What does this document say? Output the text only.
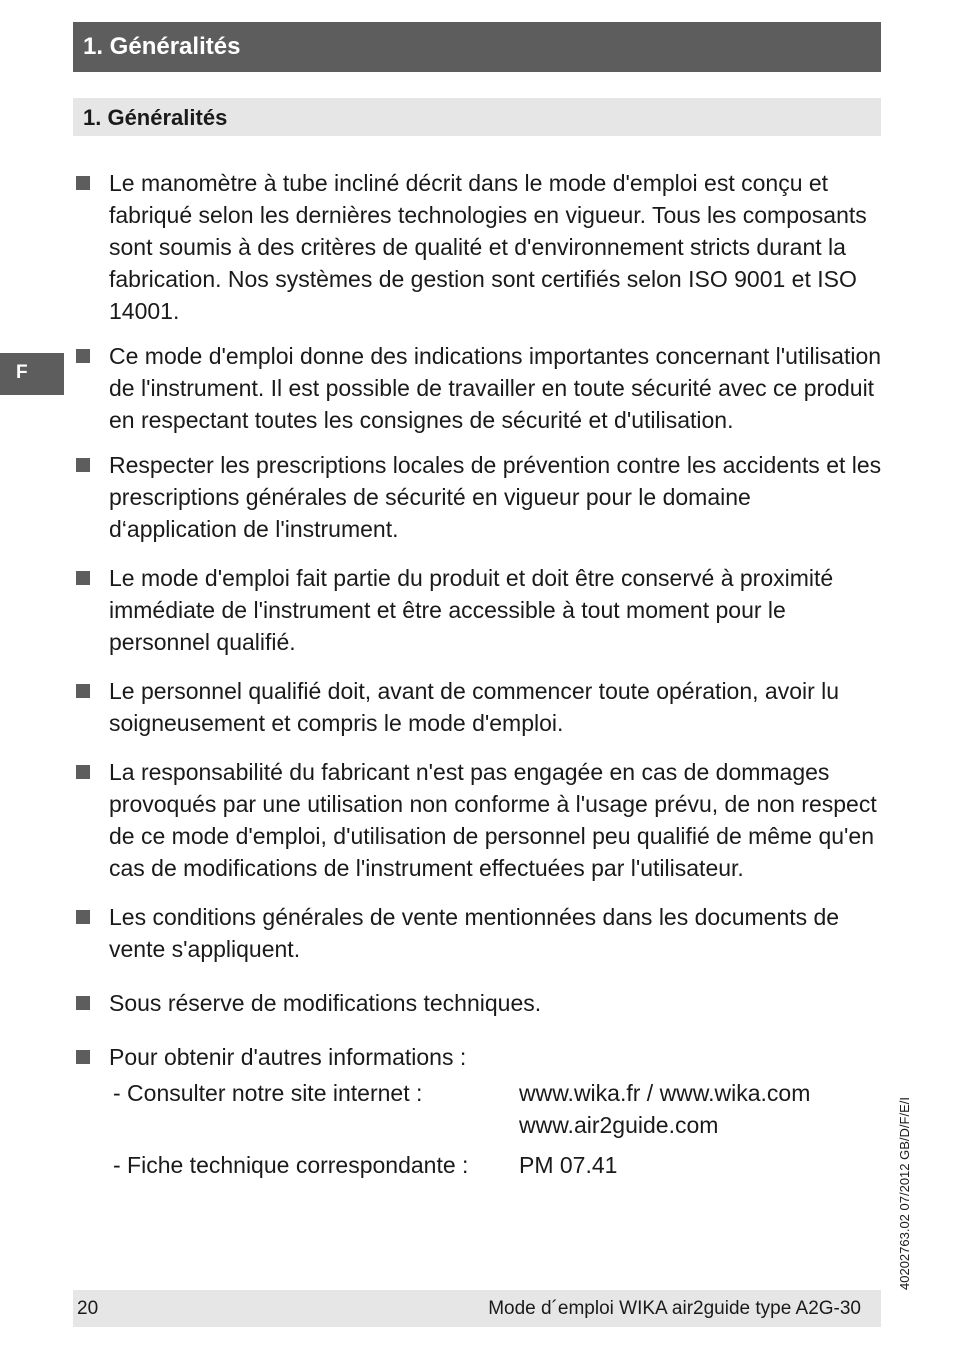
1. Généralités
1. Généralités
F
Le manomètre à tube incliné décrit dans le mode d'emploi est conçu et fabriqué selon les dernières technologies en vigueur. Tous les composants sont soumis à des critères de qualité et d'environnement stricts durant la fabrication. Nos systèmes de gestion sont certifiés selon ISO 9001 et ISO 14001.
Ce mode d'emploi donne des indications importantes concernant l'utilisation de l'instrument. Il est possible de travailler en toute sécurité avec ce produit en respectant toutes les consignes de sécurité et d'utilisation.
Respecter les prescriptions locales de prévention contre les accidents et les prescriptions générales de sécurité en vigueur pour le domaine d‘application de l'instrument.
Le mode d'emploi fait partie du produit et doit être conservé à proximité immédiate de l'instrument et être accessible à tout moment pour le personnel qualifié.
Le personnel qualifié doit, avant de commencer toute opération, avoir lu soigneusement et compris le mode d'emploi.
La responsabilité du fabricant n'est pas engagée en cas de dommages provoqués par une utilisation non conforme à l'usage prévu, de non respect de ce mode d'emploi, d'utilisation de personnel peu qualifié de même qu'en cas de modifications de l'instrument effectuées par l'utilisateur.
Les conditions générales de vente mentionnées dans les documents de vente s'appliquent.
Sous réserve de modifications techniques.
Pour obtenir d'autres informations :
- Consulter notre site internet :	www.wika.fr / www.wika.com
www.air2guide.com

- Fiche technique correspondante :	PM 07.41	40202763.02 07/2012 GB/D/F/E/I
20	Mode d´emploi WIKA air2guide type A2G-30
